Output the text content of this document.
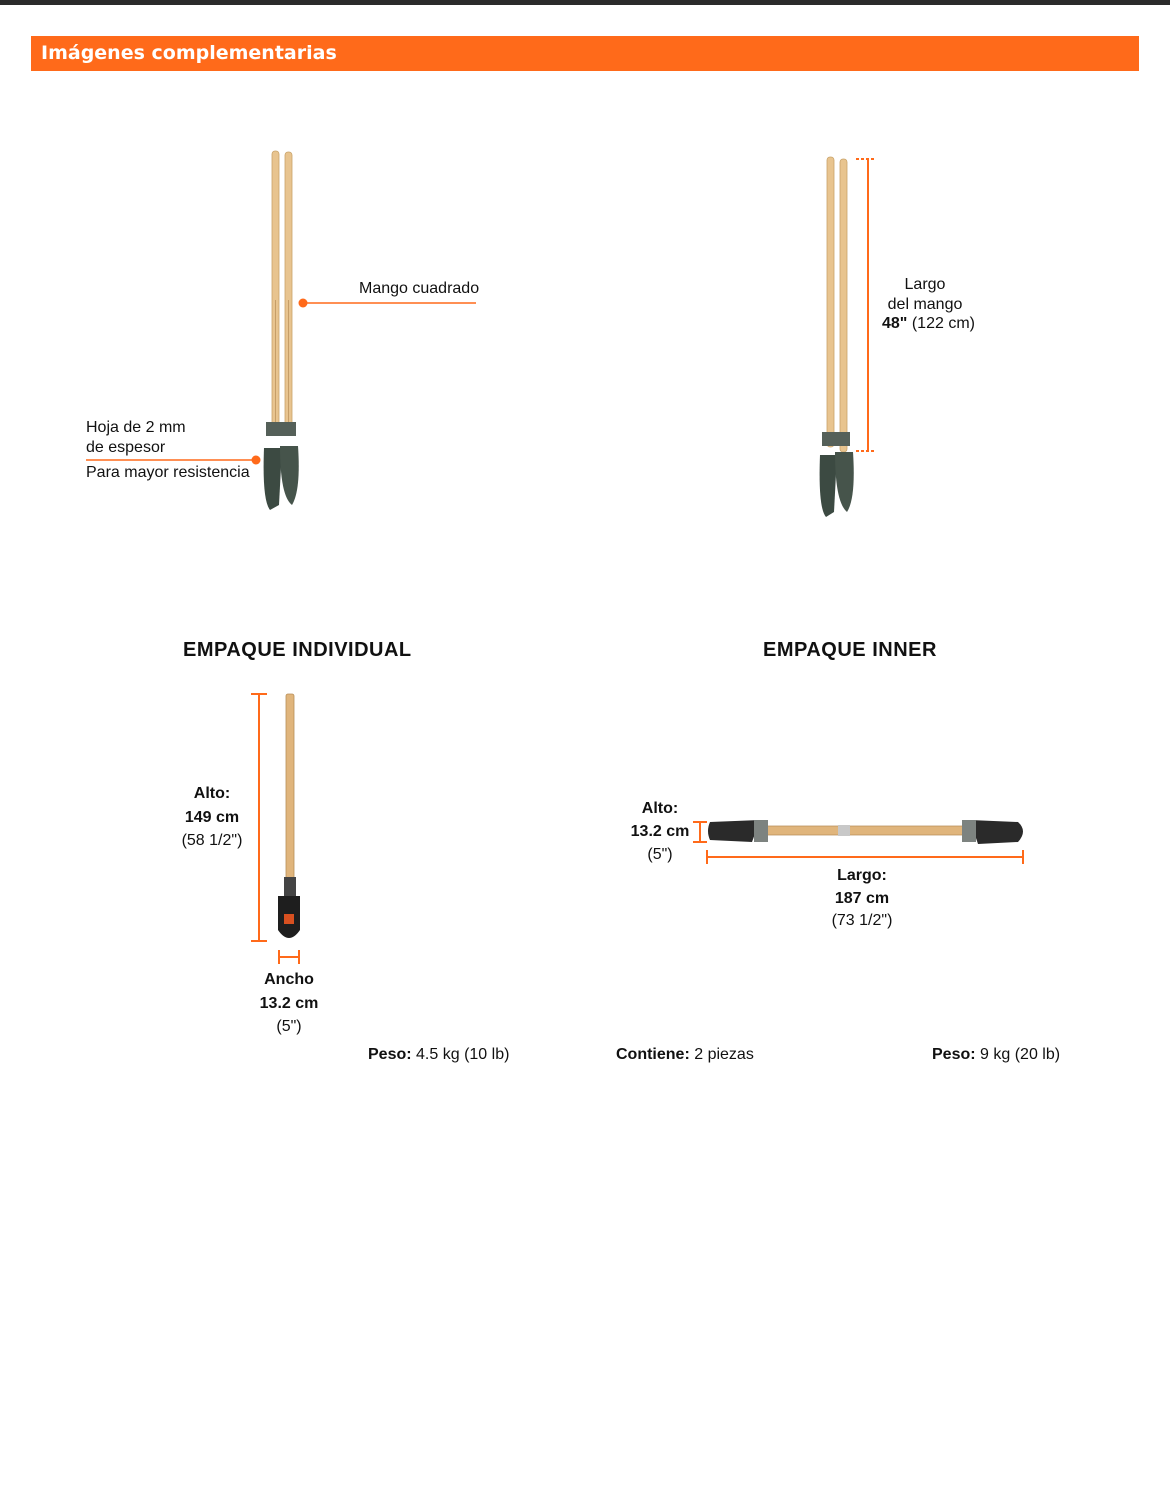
Imágenes complementarias
Mango cuadrado
Hoja de 2 mm
de espesor
Para mayor resistencia
Largo
del mango
48" (122 cm)
EMPAQUE INDIVIDUAL
Alto:
149 cm
(58 1/2")
Ancho
13.2 cm
(5")
Peso: 4.5 kg (10 lb)
EMPAQUE INNER
Alto:
13.2 cm
(5")
Largo:
187 cm
(73 1/2")
Contiene: 2 piezas	Peso: 9 kg (20 lb)
